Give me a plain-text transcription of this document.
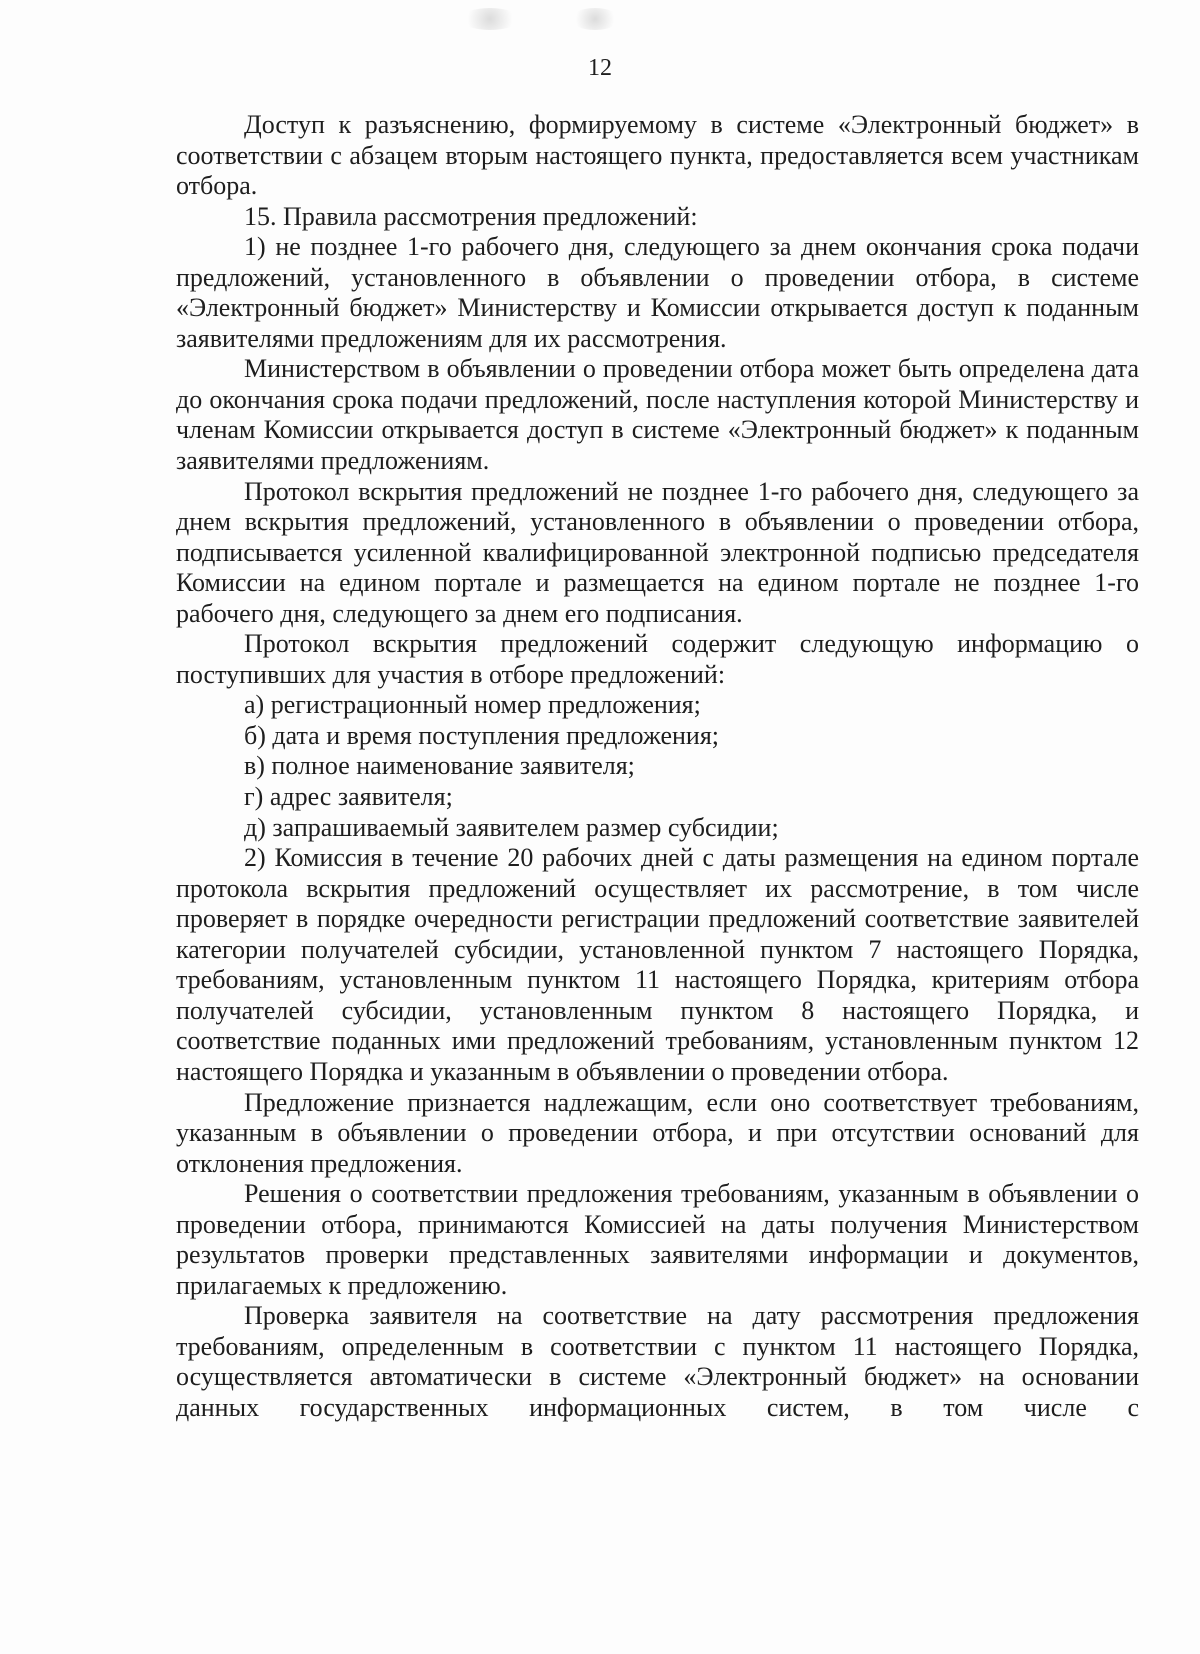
12

Доступ к разъяснению, формируемому в системе «Электронный бюджет» в соответствии с абзацем вторым настоящего пункта, предоставляется всем участникам отбора.

15. Правила рассмотрения предложений:

1) не позднее 1-го рабочего дня, следующего за днем окончания срока подачи предложений, установленного в объявлении о проведении отбора, в системе «Электронный бюджет» Министерству и Комиссии открывается доступ к поданным заявителями предложениям для их рассмотрения.

Министерством в объявлении о проведении отбора может быть определена дата до окончания срока подачи предложений, после наступления которой Министерству и членам Комиссии открывается доступ в системе «Электронный бюджет» к поданным заявителями предложениям.

Протокол вскрытия предложений не позднее 1-го рабочего дня, следующего за днем вскрытия предложений, установленного в объявлении о проведении отбора, подписывается усиленной квалифицированной электронной подписью председателя Комиссии на едином портале и размещается на едином портале не позднее 1-го рабочего дня, следующего за днем его подписания.

Протокол вскрытия предложений содержит следующую информацию о поступивших для участия в отборе предложений:

а) регистрационный номер предложения;

б) дата и время поступления предложения;

в) полное наименование заявителя;

г) адрес заявителя;

д) запрашиваемый заявителем размер субсидии;

2) Комиссия в течение 20 рабочих дней с даты размещения на едином портале протокола вскрытия предложений осуществляет их рассмотрение, в том числе проверяет в порядке очередности регистрации предложений соответствие заявителей категории получателей субсидии, установленной пунктом 7 настоящего Порядка, требованиям, установленным пунктом 11 настоящего Порядка, критериям отбора получателей субсидии, установленным пунктом 8 настоящего Порядка, и соответствие поданных ими предложений требованиям, установленным пунктом 12 настоящего Порядка и указанным в объявлении о проведении отбора.

Предложение признается надлежащим, если оно соответствует требованиям, указанным в объявлении о проведении отбора, и при отсутствии оснований для отклонения предложения.

Решения о соответствии предложения требованиям, указанным в объявлении о проведении отбора, принимаются Комиссией на даты получения Министерством результатов проверки представленных заявителями информации и документов, прилагаемых к предложению.

Проверка заявителя на соответствие на дату рассмотрения предложения требованиям, определенным в соответствии с пунктом 11 настоящего Порядка, осуществляется автоматически в системе «Электронный бюджет» на основании данных государственных информационных систем, в том числе с
